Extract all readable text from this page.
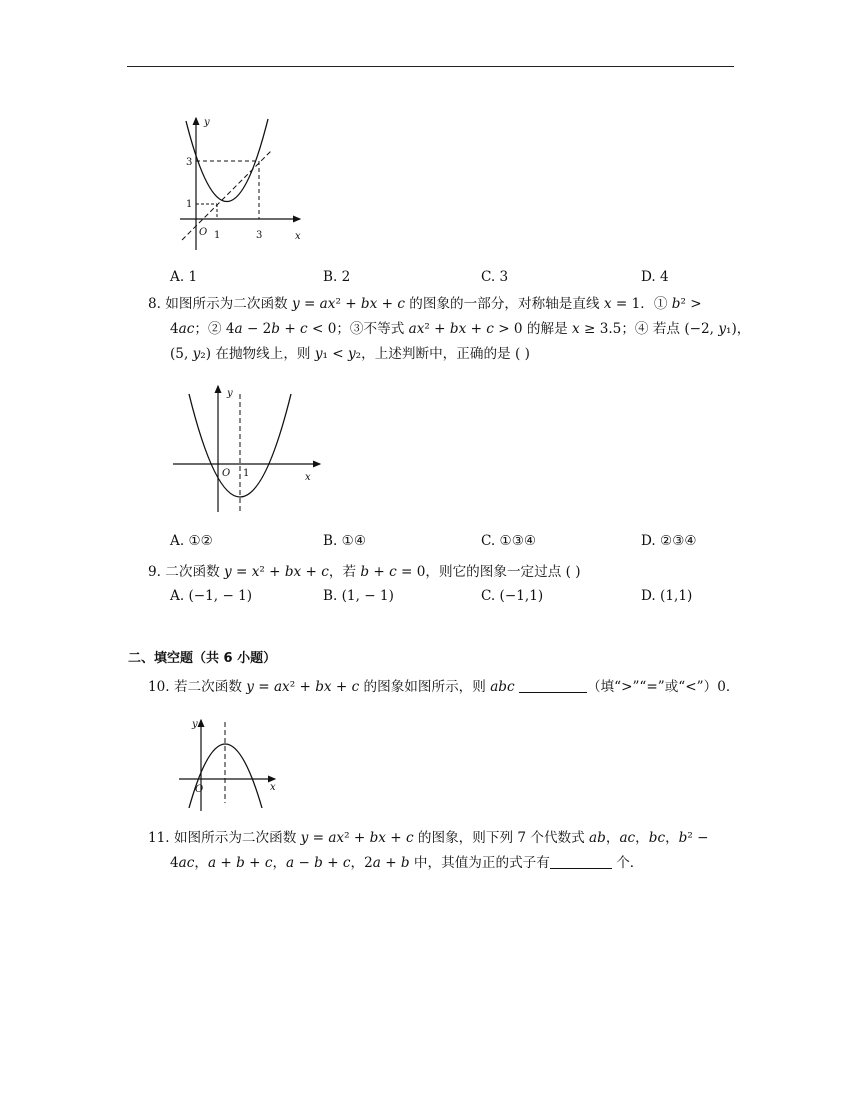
y
x
O 1	3
3
1
A. 1	B. 2	C. 3	D. 4
8. 如图所示为二次函数 𝑦 = 𝑎𝑥² + 𝑏𝑥 + 𝑐 的图象的一部分，对称轴是直线 𝑥 = 1．① 𝑏² >
4𝑎𝑐；② 4𝑎 − 2𝑏 + 𝑐 < 0；③不等式 𝑎𝑥² + 𝑏𝑥 + 𝑐 > 0 的解是 𝑥 ≥ 3.5；④ 若点 (−2, 𝑦₁)，
(5, 𝑦₂) 在抛物线上，则 𝑦₁ < 𝑦₂，上述判断中，正确的是 ( )
y
x
O 1
A. ①②	B. ①④	C. ①③④	D. ②③④
9. 二次函数 𝑦 = 𝑥² + 𝑏𝑥 + 𝑐，若 𝑏 + 𝑐 = 0，则它的图象一定过点 ( )
A. (−1, − 1)	B. (1, − 1)	C. (−1,1)	D. (1,1)
二、填空题（共 6 小题）
10. 若二次函数 𝑦 = 𝑎𝑥² + 𝑏𝑥 + 𝑐 的图象如图所示，则 𝑎𝑏𝑐	（填“>”“=”或“<”）0．
y
x
O
11. 如图所示为二次函数 𝑦 = 𝑎𝑥² + 𝑏𝑥 + 𝑐 的图象，则下列 7 个代数式 𝑎𝑏，𝑎𝑐，𝑏𝑐，𝑏² −
4𝑎𝑐，𝑎 + 𝑏 + 𝑐，𝑎 − 𝑏 + 𝑐，2𝑎 + 𝑏 中，其值为正的式子有	个．
